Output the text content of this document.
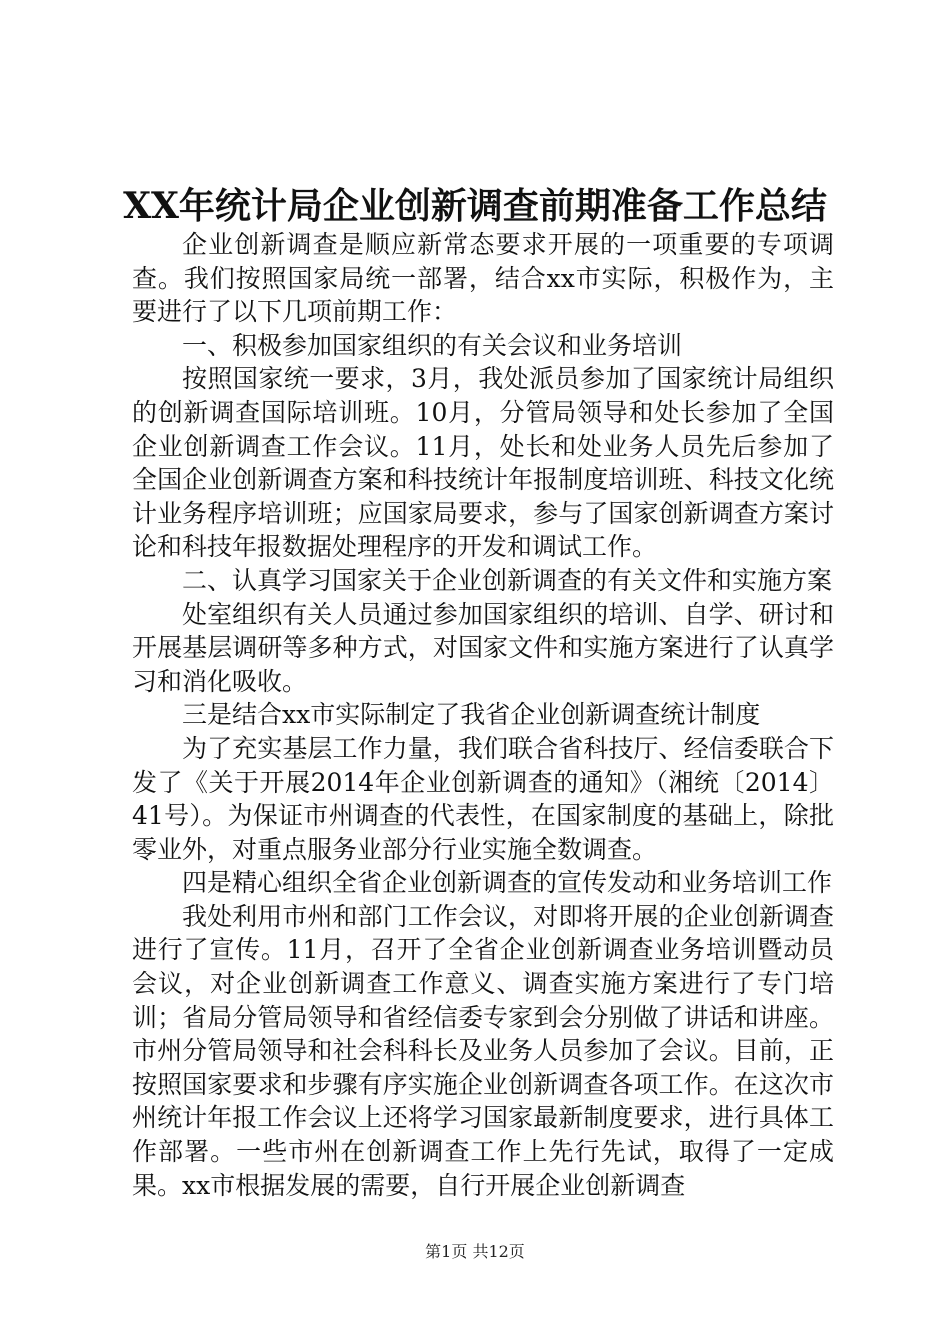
XX年统计局企业创新调查前期准备工作总结

企业创新调查是顺应新常态要求开展的一项重要的专项调查。我们按照国家局统一部署，结合xx市实际，积极作为，主要进行了以下几项前期工作：

一、积极参加国家组织的有关会议和业务培训

按照国家统一要求，3月，我处派员参加了国家统计局组织的创新调查国际培训班。10月，分管局领导和处长参加了全国企业创新调查工作会议。11月，处长和处业务人员先后参加了全国企业创新调查方案和科技统计年报制度培训班、科技文化统计业务程序培训班；应国家局要求，参与了国家创新调查方案讨论和科技年报数据处理程序的开发和调试工作。

二、认真学习国家关于企业创新调查的有关文件和实施方案

处室组织有关人员通过参加国家组织的培训、自学、研讨和开展基层调研等多种方式，对国家文件和实施方案进行了认真学习和消化吸收。

三是结合xx市实际制定了我省企业创新调查统计制度

为了充实基层工作力量，我们联合省科技厅、经信委联合下发了《关于开展2014年企业创新调查的通知》（湘统〔2014〕41号）。为保证市州调查的代表性，在国家制度的基础上，除批零业外，对重点服务业部分行业实施全数调查。

四是精心组织全省企业创新调查的宣传发动和业务培训工作

我处利用市州和部门工作会议，对即将开展的企业创新调查进行了宣传。11月，召开了全省企业创新调查业务培训暨动员会议，对企业创新调查工作意义、调查实施方案进行了专门培训；省局分管局领导和省经信委专家到会分别做了讲话和讲座。市州分管局领导和社会科科长及业务人员参加了会议。目前，正按照国家要求和步骤有序实施企业创新调查各项工作。在这次市州统计年报工作会议上还将学习国家最新制度要求，进行具体工作部署。一些市州在创新调查工作上先行先试，取得了一定成果。xx市根据发展的需要，自行开展企业创新调查

第1页 共12页
